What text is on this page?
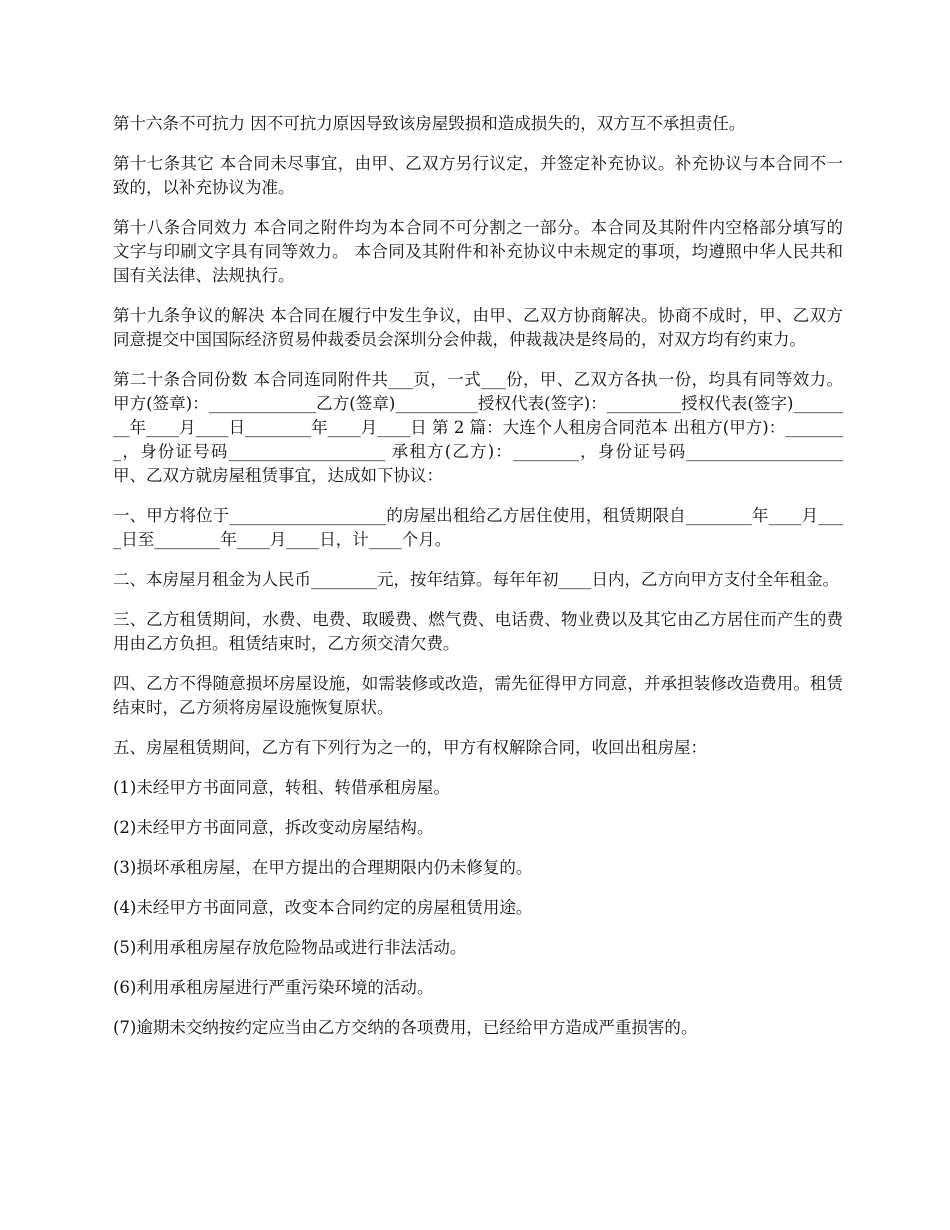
第十六条不可抗力 因不可抗力原因导致该房屋毁损和造成损失的，双方互不承担责任。

第十七条其它 本合同未尽事宜，由甲、乙双方另行议定，并签定补充协议。补充协议与本合同不一致的，以补充协议为准。

第十八条合同效力 本合同之附件均为本合同不可分割之一部分。本合同及其附件内空格部分填写的文字与印刷文字具有同等效力。 本合同及其附件和补充协议中未规定的事项，均遵照中华人民共和国有关法律、法规执行。

第十九条争议的解决 本合同在履行中发生争议，由甲、乙双方协商解决。协商不成时，甲、乙双方同意提交中国国际经济贸易仲裁委员会深圳分会仲裁，仲裁裁决是终局的，对双方均有约束力。

第二十条合同份数 本合同连同附件共___页，一式___份，甲、乙双方各执一份，均具有同等效力。 甲方(签章)：_____________乙方(签章)__________授权代表(签字)：_________授权代表(签字)________年____月____日________年____月____日 第 2 篇：大连个人租房合同范本 出租方(甲方)：________，身份证号码___________________ 承租方(乙方)：________，身份证号码___________________ 甲、乙双方就房屋租赁事宜，达成如下协议：

一、甲方将位于___________________的房屋出租给乙方居住使用，租赁期限自________年____月____日至________年____月____日，计____个月。

二、本房屋月租金为人民币________元，按年结算。每年年初____日内，乙方向甲方支付全年租金。

三、乙方租赁期间，水费、电费、取暖费、燃气费、电话费、物业费以及其它由乙方居住而产生的费用由乙方负担。租赁结束时，乙方须交清欠费。

四、乙方不得随意损坏房屋设施，如需装修或改造，需先征得甲方同意，并承担装修改造费用。租赁结束时，乙方须将房屋设施恢复原状。

五、房屋租赁期间，乙方有下列行为之一的，甲方有权解除合同，收回出租房屋：

(1)未经甲方书面同意，转租、转借承租房屋。

(2)未经甲方书面同意，拆改变动房屋结构。

(3)损坏承租房屋，在甲方提出的合理期限内仍未修复的。

(4)未经甲方书面同意，改变本合同约定的房屋租赁用途。

(5)利用承租房屋存放危险物品或进行非法活动。

(6)利用承租房屋进行严重污染环境的活动。

(7)逾期未交纳按约定应当由乙方交纳的各项费用，已经给甲方造成严重损害的。
